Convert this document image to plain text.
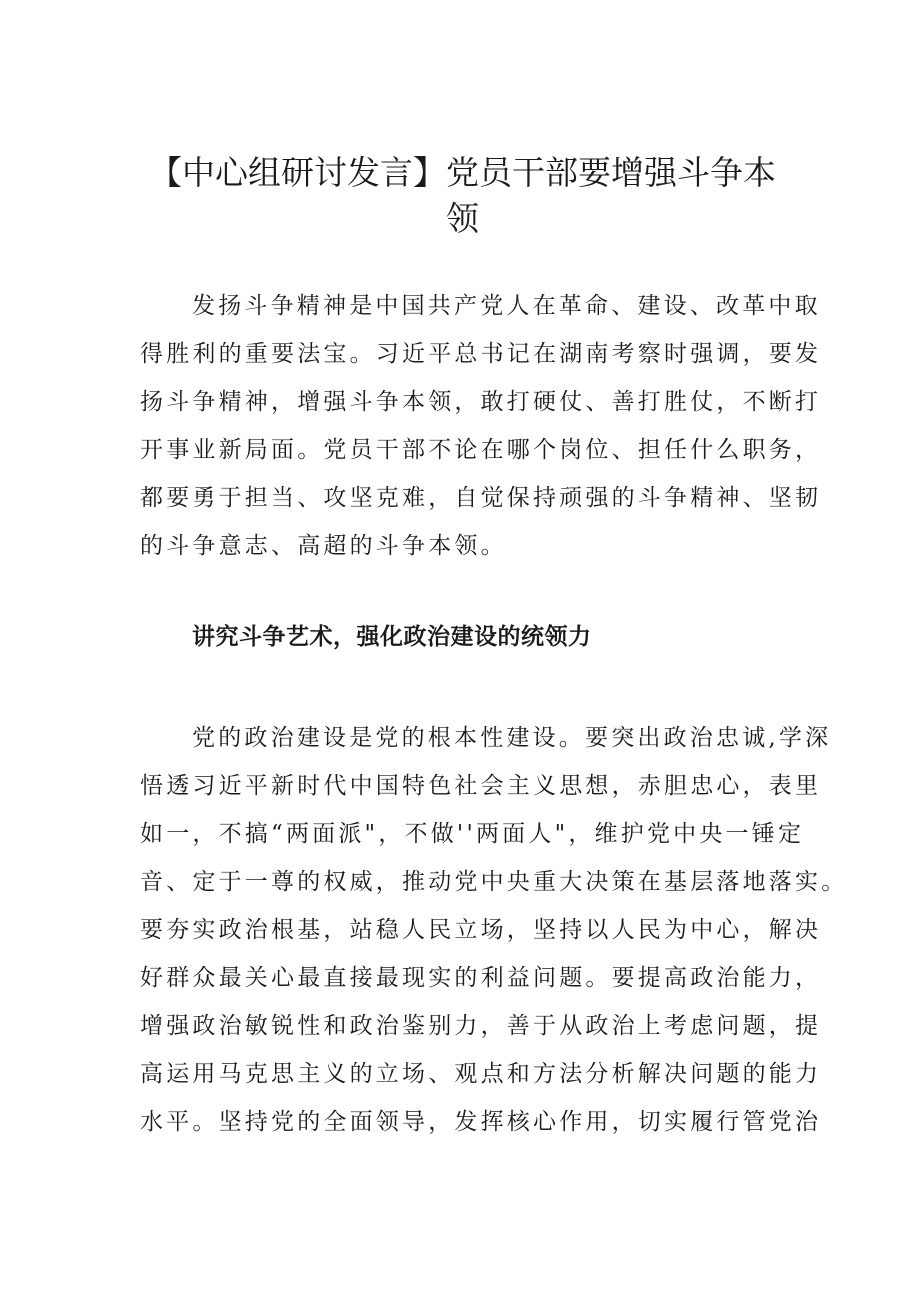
【中心组研讨发言】党员干部要增强斗争本
领

发扬斗争精神是中国共产党人在革命、建设、改革中取
得胜利的重要法宝。习近平总书记在湖南考察时强调，要发
扬斗争精神，增强斗争本领，敢打硬仗、善打胜仗，不断打
开事业新局面。党员干部不论在哪个岗位、担任什么职务，
都要勇于担当、攻坚克难，自觉保持顽强的斗争精神、坚韧
的斗争意志、高超的斗争本领。

讲究斗争艺术，强化政治建设的统领力

党的政治建设是党的根本性建设。要突出政治忠诚,学深
悟透习近平新时代中国特色社会主义思想，赤胆忠心，表里
如一，不搞“两面派"，不做''两面人"，维护党中央一锤定
音、定于一尊的权威，推动党中央重大决策在基层落地落实。
要夯实政治根基，站稳人民立场，坚持以人民为中心，解决
好群众最关心最直接最现实的利益问题。要提高政治能力，
增强政治敏锐性和政治鉴别力，善于从政治上考虑问题，提
高运用马克思主义的立场、观点和方法分析解决问题的能力
水平。坚持党的全面领导，发挥核心作用，切实履行管党治
